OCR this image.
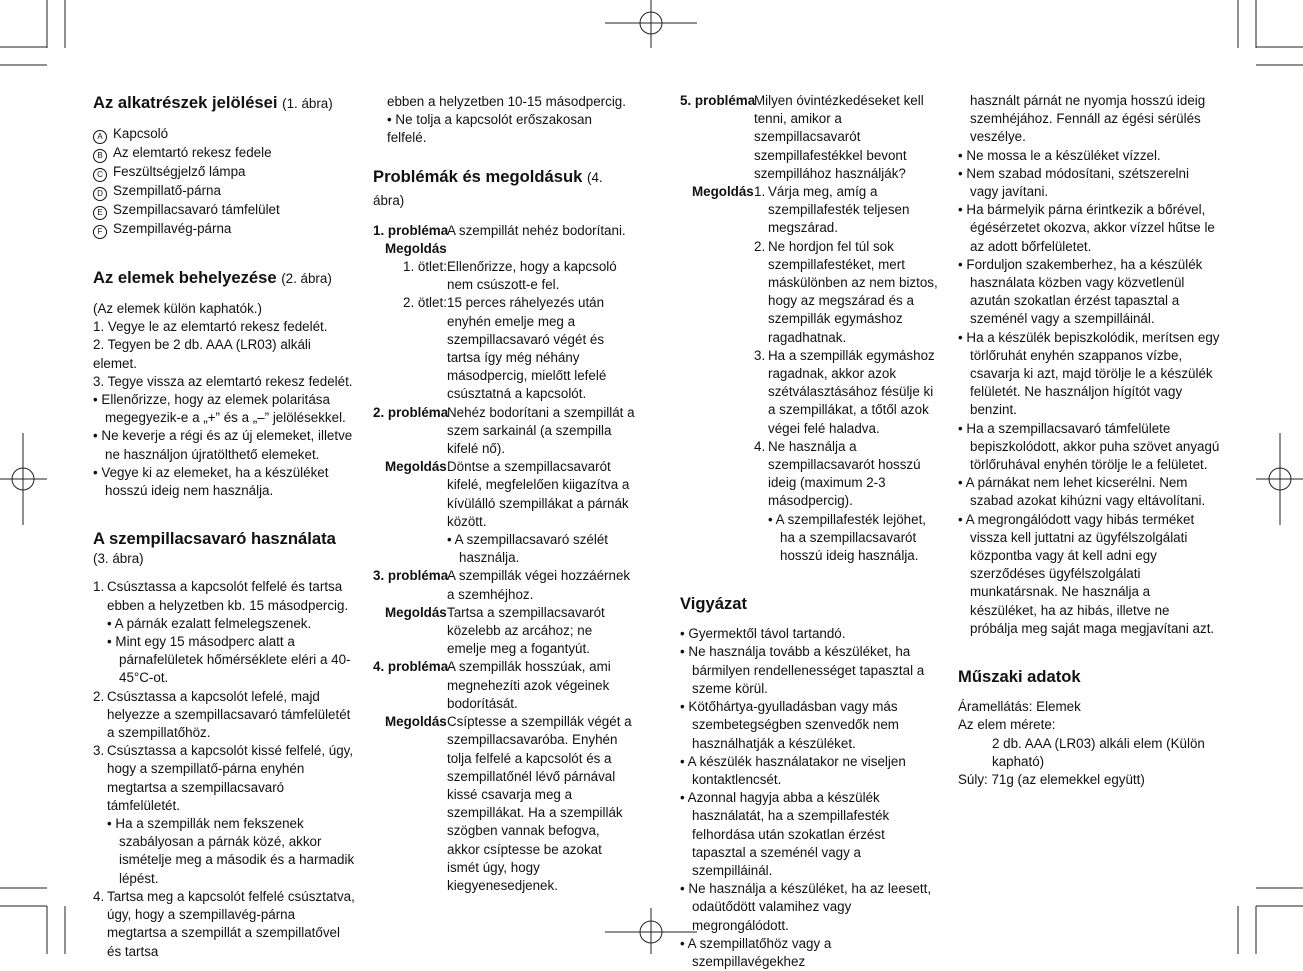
Az alkatrészek jelölései (1. ábra)

A Kapcsoló
B Az elemtartó rekesz fedele
C Feszültségjelző lámpa
D Szempillatő-párna
E Szempillacsavaró támfelület
F Szempillavég-párna

Az elemek behelyezése (2. ábra)

(Az elemek külön kaphatók.)

1. Vegye le az elemtartó rekesz fedelét.

2. Tegyen be 2 db. AAA (LR03) alkáli elemet.

3. Tegye vissza az elemtartó rekesz fedelét.

• Ellenőrizze, hogy az elemek polaritása megegyezik-e a „+” és a „–” jelölésekkel.

• Ne keverje a régi és az új elemeket, illetve ne használjon újratölthető elemeket.

• Vegye ki az elemeket, ha a készüléket hosszú ideig nem használja.

A szempillacsavaró használata

(3. ábra)

1. Csúsztassa a kapcsolót felfelé és tartsa ebben a helyzetben kb. 15 másodpercig.
• A párnák ezalatt felmelegszenek.
• Mint egy 15 másodperc alatt a párnafelületek hőmérséklete eléri a 40-45°C-ot.
2. Csúsztassa a kapcsolót lefelé, majd helyezze a szempillacsavaró támfelületét a szempillatőhöz.
3. Csúsztassa a kapcsolót kissé felfelé, úgy, hogy a szempillatő-párna enyhén megtartsa a szempillacsavaró támfelületét.
• Ha a szempillák nem fekszenek szabályosan a párnák közé, akkor ismételje meg a második és a harmadik lépést.
4. Tartsa meg a kapcsolót felfelé csúsztatva, úgy, hogy a szempillavég-párna megtartsa a szempillát a szempillatővel és tartsa

ebben a helyzetben 10-15 másodpercig.

• Ne tolja a kapcsolót erőszakosan felfelé.

Problémák és megoldásuk (4. ábra)

1. probléma
A szempillát nehéz bodorítani.

Megoldás

1. ötlet: Ellenőrizze, hogy a kapcsoló nem csúszott-e fel.
2. ötlet: 15 perces ráhelyezés után enyhén emelje meg a szempillacsavaró végét és tartsa így még néhány másodpercig, mielőtt lefelé csúsztatná a kapcsolót.
2. probléma
Nehéz bodorítani a szempillát a szem sarkainál (a szempilla kifelé nő).
Megoldás Döntse a szempillacsavarót kifelé, megfelelően kiigazítva a kívülálló szempillákat a párnák között.

• A szempillacsavaró szélét használja.

3. probléma
A szempillák végei hozzáérnek a szemhéjhoz.
Megoldás Tartsa a szempillacsavarót közelebb az arcához; ne emelje meg a fogantyút.
4. probléma
A szempillák hosszúak, ami megnehezíti azok végeinek bodorítását.
Megoldás Csíptesse a szempillák végét a szempillacsavaróba. Enyhén tolja felfelé a kapcsolót és a szempillatőnél lévő párnával kissé csavarja meg a szempillákat. Ha a szempillák szögben vannak befogva, akkor csíptesse be azokat ismét úgy, hogy kiegyenesedjenek.
5. probléma
Milyen óvintézkedéseket kell tenni, amikor a szempillacsavarót szempillafestékkel bevont szempillához használják?
Megoldás 1. Várja meg, amíg a szempillafesték teljesen megszárad.
2. Ne hordjon fel túl sok szempillafestéket, mert máskülönben az nem biztos, hogy az megszárad és a szempillák egymáshoz ragadhatnak.
3. Ha a szempillák egymáshoz ragadnak, akkor azok szétválasztásához fésülje ki a szempillákat, a tőtől azok végei felé haladva.
4. Ne használja a szempillacsavarót hosszú ideig (maximum 2-3 másodpercig).
• A szempillafesték lejöhet, ha a szempillacsavarót hosszú ideig használja.

Vigyázat

• Gyermektől távol tartandó.

• Ne használja tovább a készüléket, ha bármilyen rendellenességet tapasztal a szeme körül.

• Kötőhártya-gyulladásban vagy más szembetegségben szenvedők nem használhatják a készüléket.

• A készülék használatakor ne viseljen kontaktlencsét.

• Azonnal hagyja abba a készülék használatát, ha a szempillafesték felhordása után szokatlan érzést tapasztal a szeménél vagy a szempilláinál.

• Ne használja a készüléket, ha az leesett, odaütődött valamihez vagy megrongálódott.

• A szempillatőhöz vagy a szempillavégekhez

használt párnát ne nyomja hosszú ideig szemhéjához. Fennáll az égési sérülés veszélye.

• Ne mossa le a készüléket vízzel.

• Nem szabad módosítani, szétszerelni vagy javítani.

• Ha bármelyik párna érintkezik a bőrével, égésérzetet okozva, akkor vízzel hűtse le az adott bőrfelületet.

• Forduljon szakemberhez, ha a készülék használata közben vagy közvetlenül azután szokatlan érzést tapasztal a szeménél vagy a szempilláinál.

• Ha a készülék bepiszkolódik, merítsen egy törlőruhát enyhén szappanos vízbe, csavarja ki azt, majd törölje le a készülék felületét. Ne használjon hígítót vagy benzint.

• Ha a szempillacsavaró támfelülete bepiszkolódott, akkor puha szövet anyagú törlőruhával enyhén törölje le a felületet.

• A párnákat nem lehet kicserélni. Nem szabad azokat kihúzni vagy eltávolítani.

• A megrongálódott vagy hibás terméket vissza kell juttatni az ügyfélszolgálati központba vagy át kell adni egy szerződéses ügyfélszolgálati munkatársnak. Ne használja a készüléket, ha az hibás, illetve ne próbálja meg saját maga megjavítani azt.

Műszaki adatok

Áramellátás: Elemek

Az elem mérete:

2 db. AAA (LR03) alkáli elem (Külön kapható)

Súly: 71g (az elemekkel együtt)
